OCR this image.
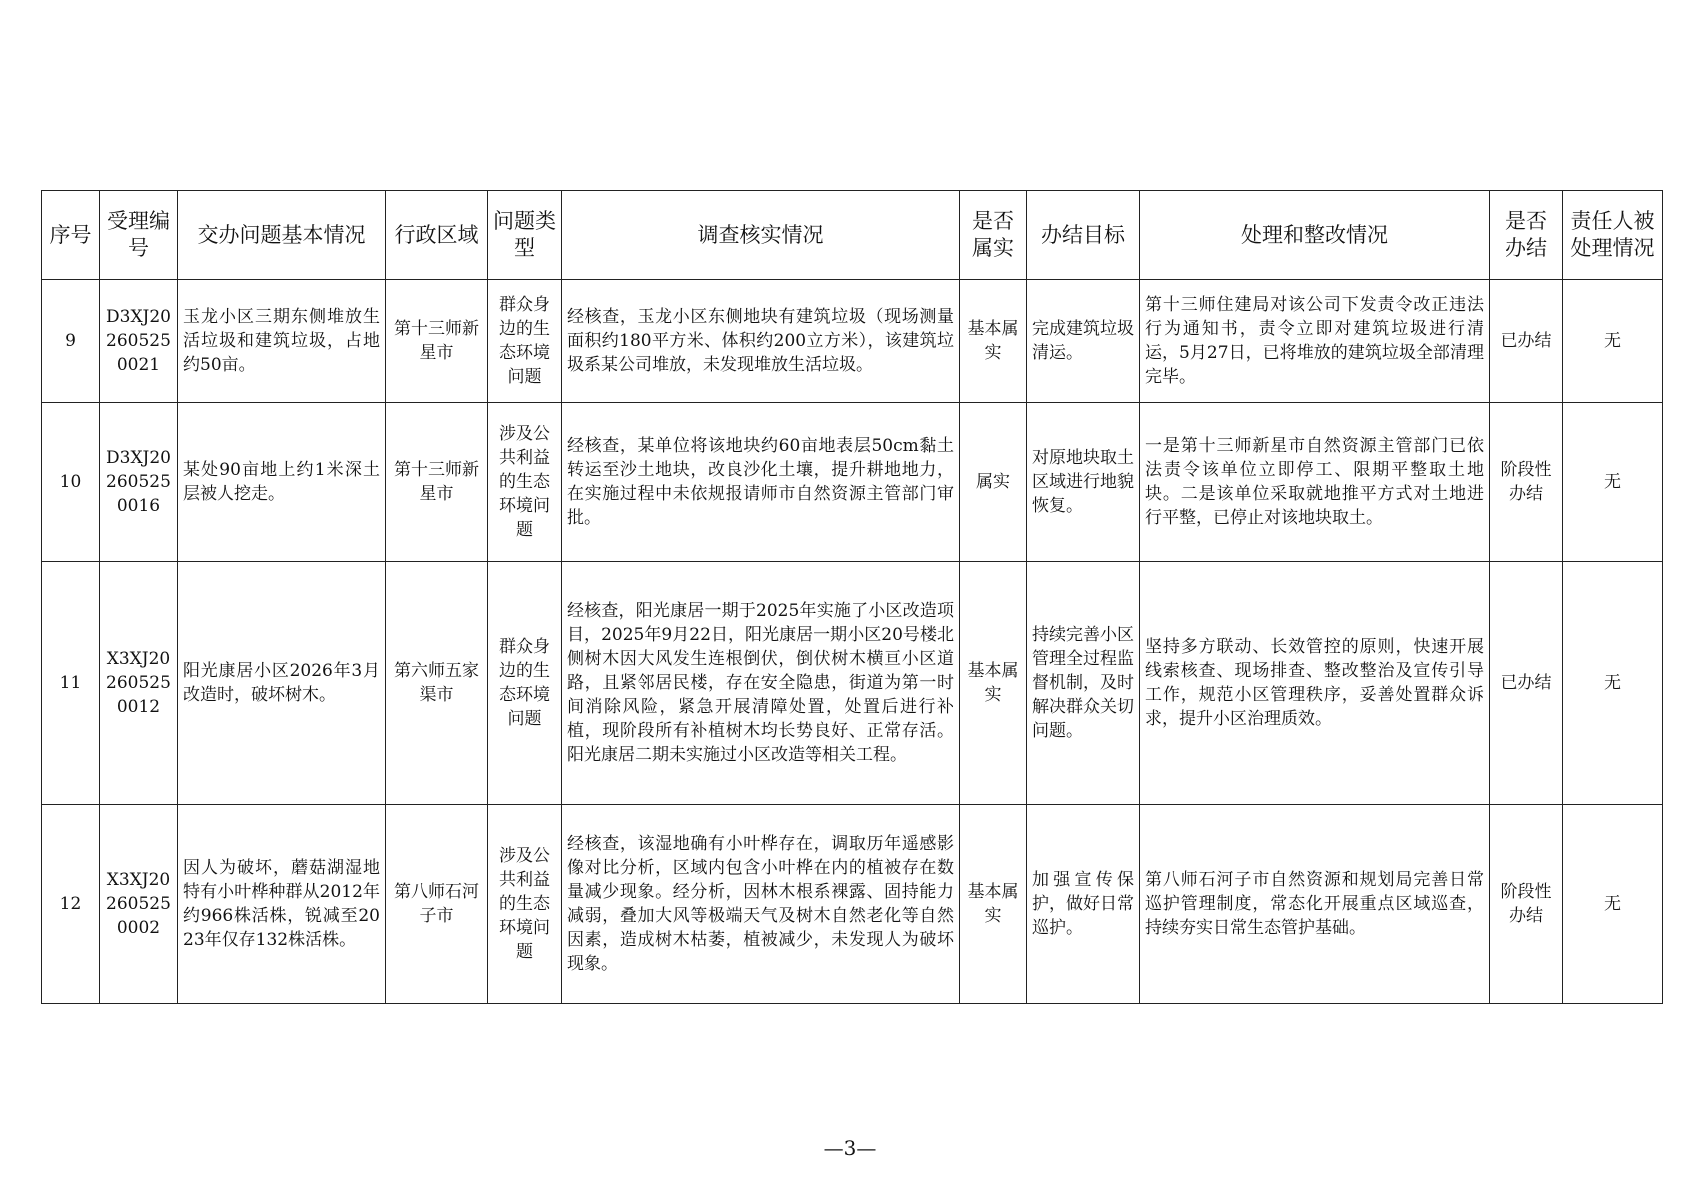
序号	受理编号	交办问题基本情况	行政区域	问题类型	调查核实情况	是否属实	办结目标	处理和整改情况	是否办结	责任人被处理情况
9	D3XJ202605250021	玉龙小区三期东侧堆放生活垃圾和建筑垃圾，占地约50亩。	第十三师新星市	群众身边的生态环境问题	经核查，玉龙小区东侧地块有建筑垃圾（现场测量面积约180平方米、体积约200立方米），该建筑垃圾系某公司堆放，未发现堆放生活垃圾。	基本属实	完成建筑垃圾清运。	第十三师住建局对该公司下发责令改正违法行为通知书，责令立即对建筑垃圾进行清运，5月27日，已将堆放的建筑垃圾全部清理完毕。	已办结	无
10	D3XJ202605250016	某处90亩地上约1米深土层被人挖走。	第十三师新星市	涉及公共利益的生态环境问题	经核查，某单位将该地块约60亩地表层50cm黏土转运至沙土地块，改良沙化土壤，提升耕地地力，在实施过程中未依规报请师市自然资源主管部门审批。	属实	对原地块取土区域进行地貌恢复。	一是第十三师新星市自然资源主管部门已依法责令该单位立即停工、限期平整取土地块。二是该单位采取就地推平方式对土地进行平整，已停止对该地块取土。	阶段性办结	无
11	X3XJ202605250012	阳光康居小区2026年3月改造时，破坏树木。	第六师五家渠市	群众身边的生态环境问题	经核查，阳光康居一期于2025年实施了小区改造项目，2025年9月22日，阳光康居一期小区20号楼北侧树木因大风发生连根倒伏，倒伏树木横亘小区道路，且紧邻居民楼，存在安全隐患，街道为第一时间消除风险，紧急开展清障处置，处置后进行补植，现阶段所有补植树木均长势良好、正常存活。阳光康居二期未实施过小区改造等相关工程。	基本属实	持续完善小区管理全过程监督机制，及时解决群众关切问题。	坚持多方联动、长效管控的原则，快速开展线索核查、现场排查、整改整治及宣传引导工作，规范小区管理秩序，妥善处置群众诉求，提升小区治理质效。	已办结	无
12	X3XJ202605250002	因人为破坏，蘑菇湖湿地特有小叶桦种群从2012年约966株活株，锐减至2023年仅存132株活株。	第八师石河子市	涉及公共利益的生态环境问题	经核查，该湿地确有小叶桦存在，调取历年遥感影像对比分析，区域内包含小叶桦在内的植被存在数量减少现象。经分析，因林木根系裸露、固持能力减弱，叠加大风等极端天气及树木自然老化等自然因素，造成树木枯萎，植被减少，未发现人为破坏现象。	基本属实	加强宣传保护，做好日常巡护。	第八师石河子市自然资源和规划局完善日常巡护管理制度，常态化开展重点区域巡查，持续夯实日常生态管护基础。	阶段性办结	无
—3—
